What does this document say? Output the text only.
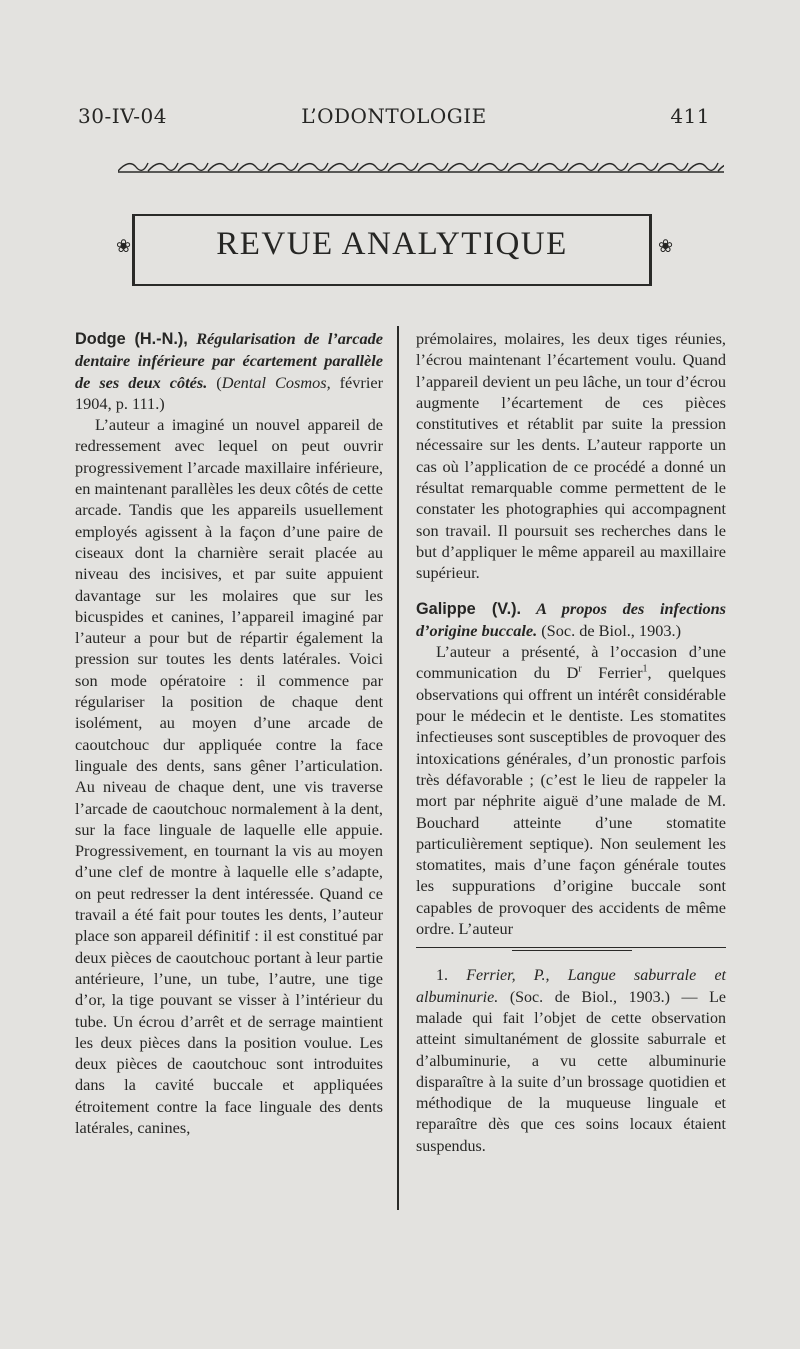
30-IV-04	L’ODONTOLOGIE	411
❀	REVUE ANALYTIQUE	❀

Dodge (H.-N.), Régularisation de l’arcade dentaire inférieure par écartement parallèle de ses deux côtés. (Dental Cosmos, février 1904, p. 111.)

L’auteur a imaginé un nouvel appareil de redressement avec lequel on peut ouvrir progressivement l’arcade maxillaire inférieure, en maintenant parallèles les deux côtés de cette arcade. Tandis que les appareils usuellement employés agissent à la façon d’une paire de ciseaux dont la charnière serait placée au niveau des incisives, et par suite appuient davantage sur les molaires que sur les bicuspides et canines, l’appareil imaginé par l’auteur a pour but de répartir également la pression sur toutes les dents latérales. Voici son mode opératoire : il commence par régulariser la position de chaque dent isolément, au moyen d’une arcade de caoutchouc dur appliquée contre la face linguale des dents, sans gêner l’articulation. Au niveau de chaque dent, une vis traverse l’arcade de caoutchouc normalement à la dent, sur la face linguale de laquelle elle appuie. Progressivement, en tournant la vis au moyen d’une clef de montre à laquelle elle s’adapte, on peut redresser la dent intéressée. Quand ce travail a été fait pour toutes les dents, l’auteur place son appareil définitif : il est constitué par deux pièces de caoutchouc portant à leur partie antérieure, l’une, un tube, l’autre, une tige d’or, la tige pouvant se visser à l’intérieur du tube. Un écrou d’arrêt et de serrage maintient les deux pièces dans la position voulue. Les deux pièces de caoutchouc sont introduites dans la cavité buccale et appliquées étroitement contre la face linguale des dents latérales, canines,

prémolaires, molaires, les deux tiges réunies, l’écrou maintenant l’écartement voulu. Quand l’appareil devient un peu lâche, un tour d’écrou augmente l’écartement de ces pièces constitutives et rétablit par suite la pression nécessaire sur les dents. L’auteur rapporte un cas où l’application de ce procédé a donné un résultat remarquable comme permettent de le constater les photographies qui accompagnent son travail. Il poursuit ses recherches dans le but d’appliquer le même appareil au maxillaire supérieur.

Galippe (V.). A propos des infections d’origine buccale. (Soc. de Biol., 1903.)

L’auteur a présenté, à l’occasion d’une communication du $D^r$ Ferrier$^1$, quelques observations qui offrent un intérêt considérable pour le médecin et le dentiste. Les stomatites infectieuses sont susceptibles de provoquer des intoxications générales, d’un pronostic parfois très défavorable ; (c’est le lieu de rappeler la mort par néphrite aiguë d’une malade de M. Bouchard atteinte d’une stomatite particulièrement septique). Non seulement les stomatites, mais d’une façon générale toutes les suppurations d’origine buccale sont capables de provoquer des accidents de même ordre. L’auteur

1. Ferrier, P., Langue saburrale et albuminurie. (Soc. de Biol., 1903.) — Le malade qui fait l’objet de cette observation atteint simultanément de glossite saburrale et d’albuminurie, a vu cette albuminurie disparaître à la suite d’un brossage quotidien et méthodique de la muqueuse linguale et reparaître dès que ces soins locaux étaient suspendus.
